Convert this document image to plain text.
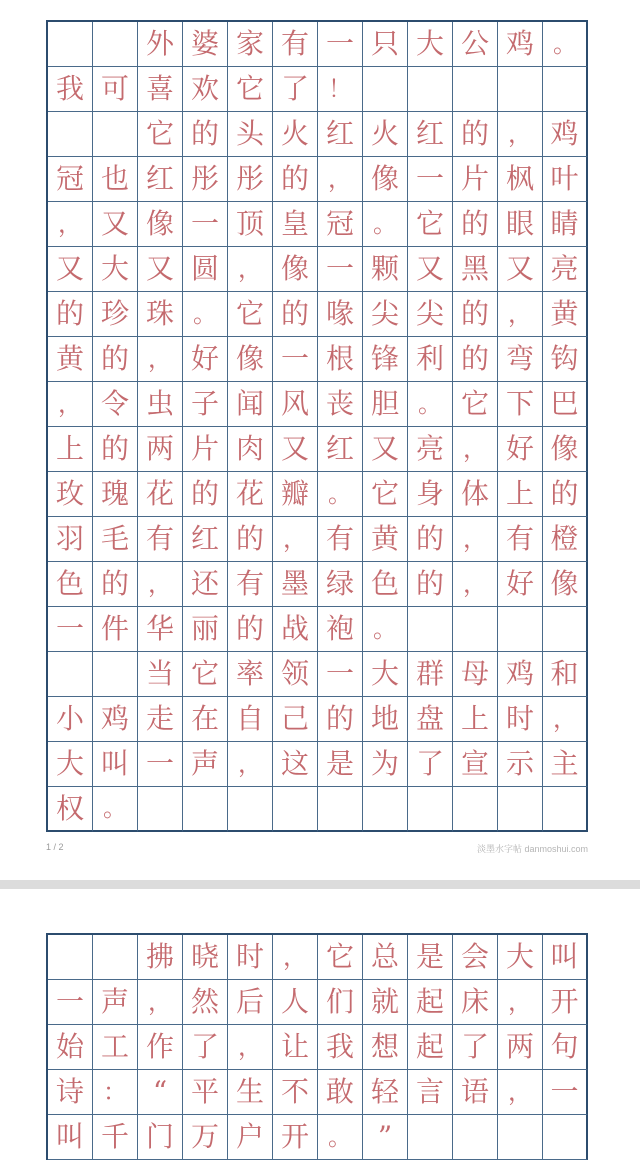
外 婆 家 有 一 只 大 公 鸡 。
我 可 喜 欢 它 了 ！
它 的 头 火 红 火 红 的 ， 鸡
冠 也 红 彤 彤 的 ， 像 一 片 枫 叶
， 又 像 一 顶 皇 冠 。 它 的 眼 睛
又 大 又 圆 ， 像 一 颗 又 黑 又 亮
的 珍 珠 。 它 的 喙 尖 尖 的 ， 黄
黄 的 ， 好 像 一 根 锋 利 的 弯 钩
， 令 虫 子 闻 风 丧 胆 。 它 下 巴
上 的 两 片 肉 又 红 又 亮 ， 好 像
玫 瑰 花 的 花 瓣 。 它 身 体 上 的
羽 毛 有 红 的 ， 有 黄 的 ， 有 橙
色 的 ， 还 有 墨 绿 色 的 ， 好 像
一 件 华 丽 的 战 袍 。
当 它 率 领 一 大 群 母 鸡 和
小 鸡 走 在 自 己 的 地 盘 上 时 ，
大 叫 一 声 ， 这 是 为 了 宣 示 主
权 。
1 / 2	淡墨水字帖 danmoshui.com
拂 晓 时 ， 它 总 是 会 大 叫
一 声 ， 然 后 人 们 就 起 床 ， 开
始 工 作 了 ， 让 我 想 起 了 两 句
诗 ： “ 平 生 不 敢 轻 言 语 ， 一
叫 千 门 万 户 开 。 ”
